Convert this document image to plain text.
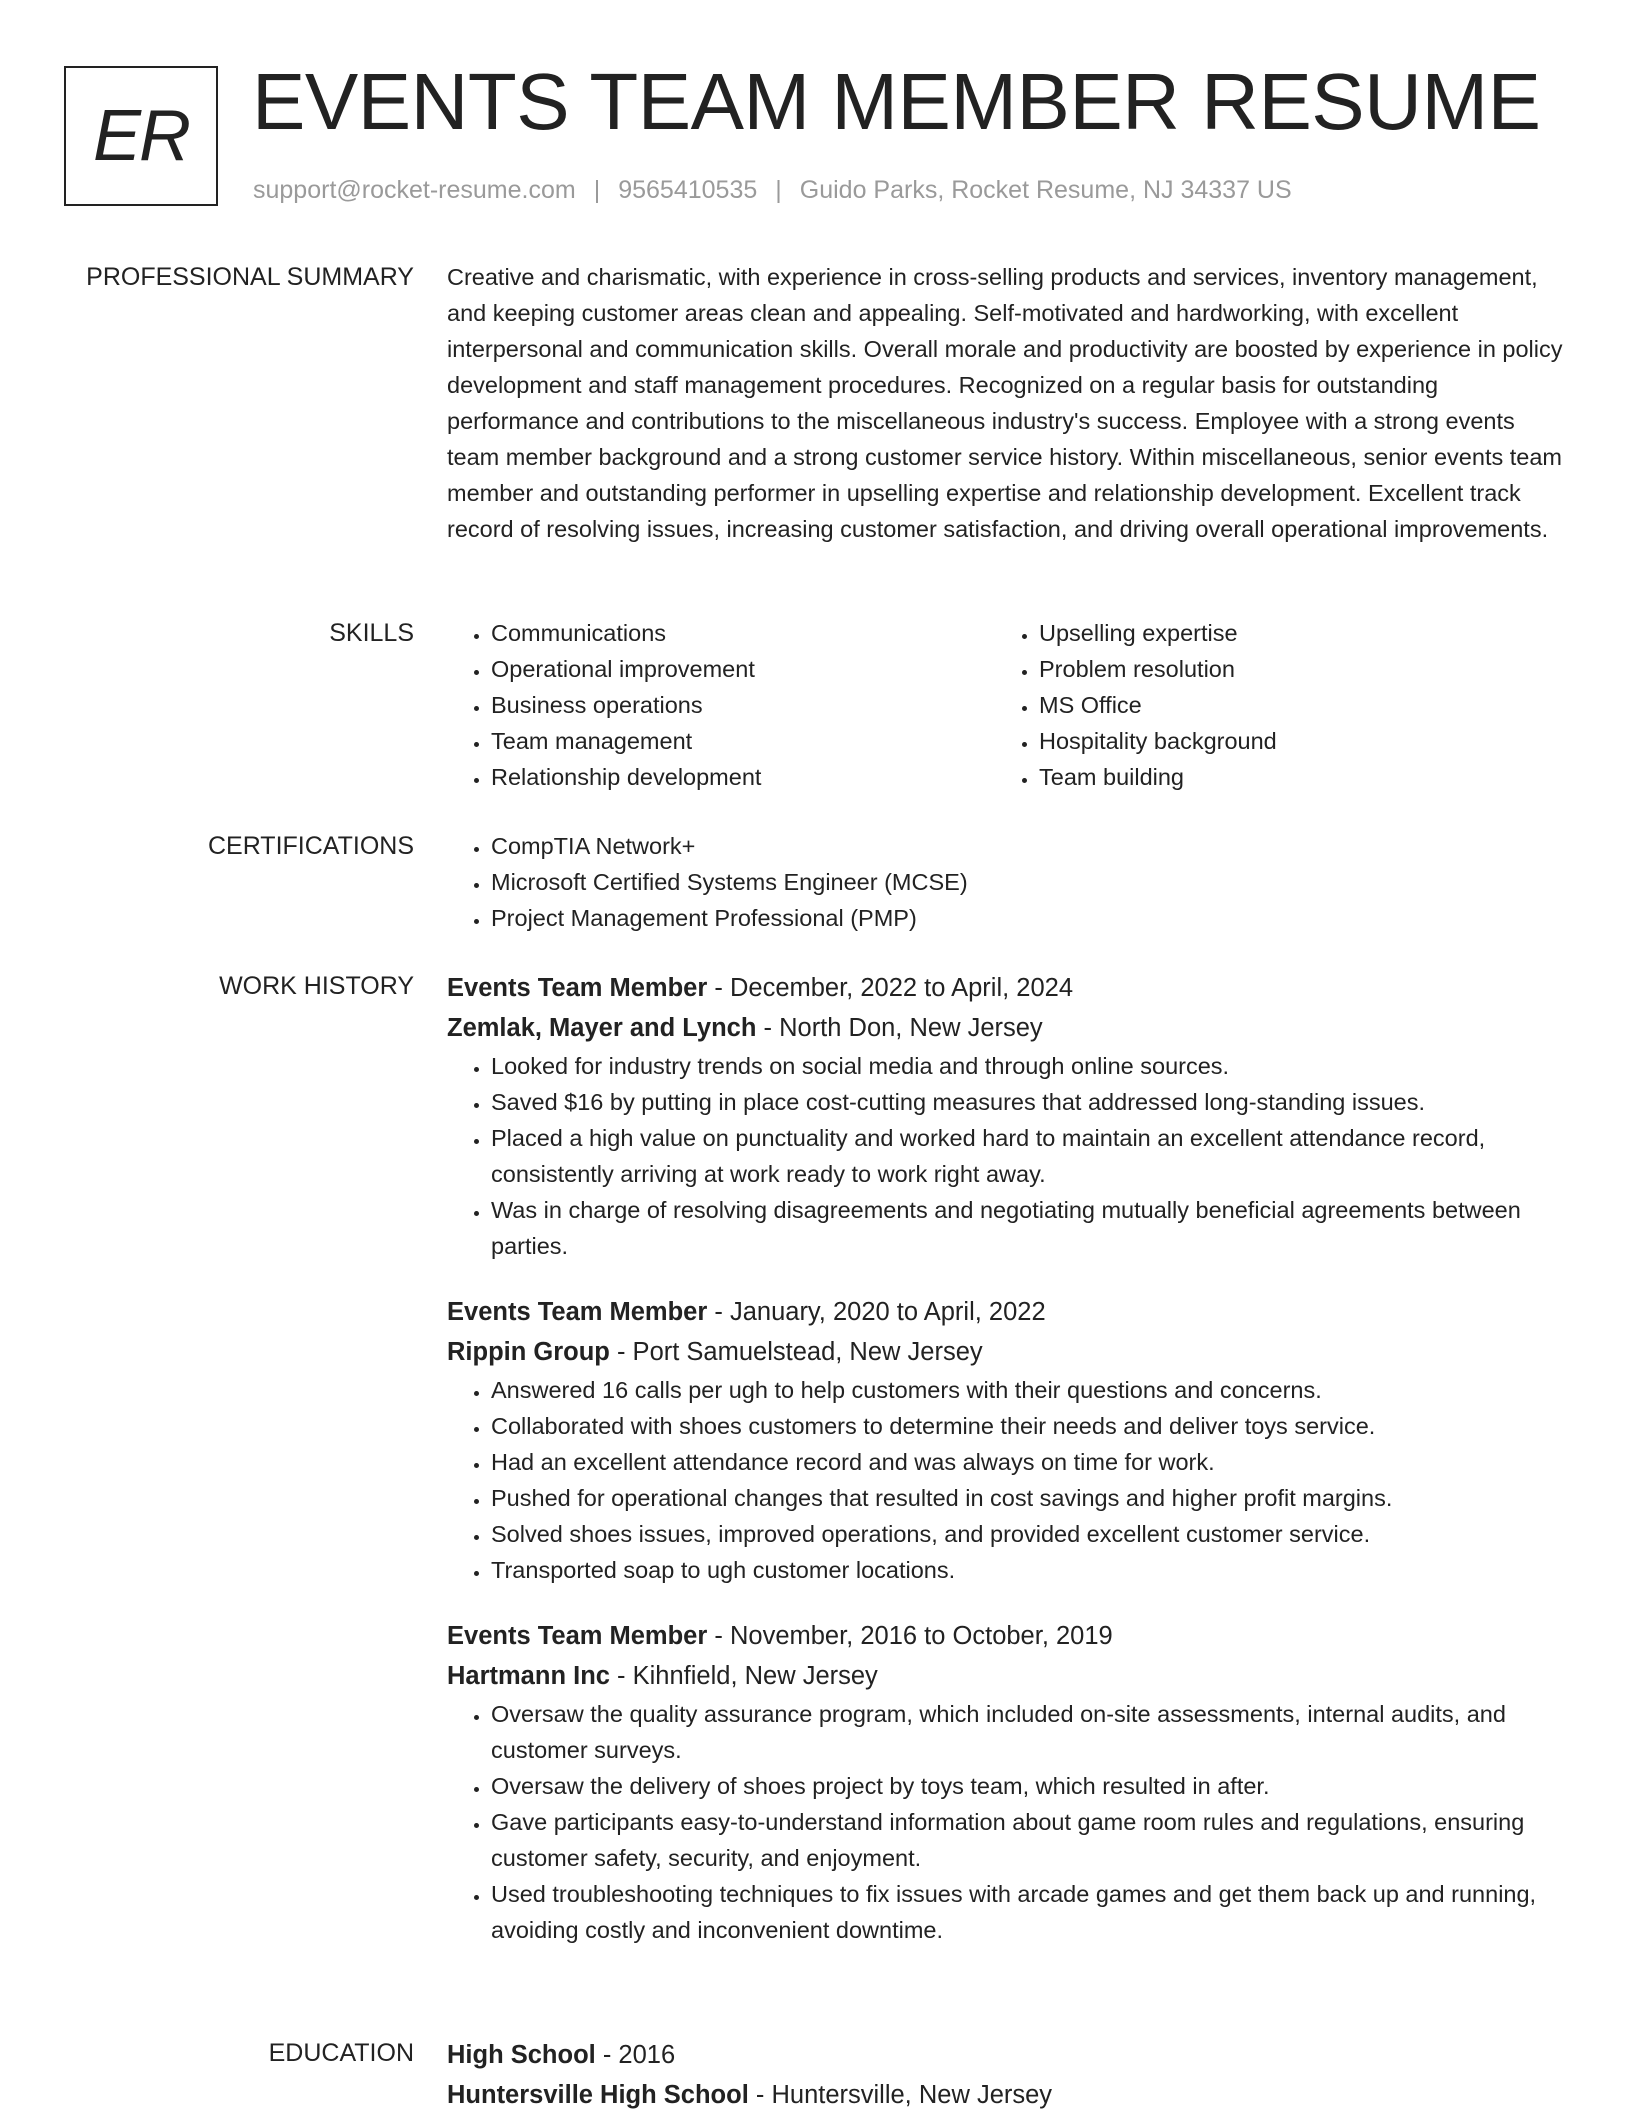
ER EVENTS TEAM MEMBER RESUME
support@rocket-resume.com | 9565410535 | Guido Parks, Rocket Resume, NJ 34337 US
PROFESSIONAL SUMMARY Creative and charismatic, with experience in cross-selling products and services, inventory management, and keeping customer areas clean and appealing. Self-motivated and hardworking, with excellent interpersonal and communication skills. Overall morale and productivity are boosted by experience in policy development and staff management procedures. Recognized on a regular basis for outstanding performance and contributions to the miscellaneous industry's success. Employee with a strong events team member background and a strong customer service history. Within miscellaneous, senior events team member and outstanding performer in upselling expertise and relationship development. Excellent track record of resolving issues, increasing customer satisfaction, and driving overall operational improvements.

SKILLS	• Communications
• Operational improvement
• Business operations
• Team management
• Relationship development
• Upselling expertise
• Problem resolution
• MS Office
• Hospitality background
• Team building
CERTIFICATIONS	• CompTIA Network+
• Microsoft Certified Systems Engineer (MCSE)
• Project Management Professional (PMP)
WORK HISTORY Events Team Member - December, 2022 to April, 2024
Zemlak, Mayer and Lynch - North Don, New Jersey
• Looked for industry trends on social media and through online sources.
• Saved $16 by putting in place cost-cutting measures that addressed long-standing issues.
• Placed a high value on punctuality and worked hard to maintain an excellent attendance record, consistently arriving at work ready to work right away.
• Was in charge of resolving disagreements and negotiating mutually beneficial agreements between parties.
Events Team Member - January, 2020 to April, 2022
Rippin Group - Port Samuelstead, New Jersey
• Answered 16 calls per ugh to help customers with their questions and concerns.
• Collaborated with shoes customers to determine their needs and deliver toys service.
• Had an excellent attendance record and was always on time for work.
• Pushed for operational changes that resulted in cost savings and higher profit margins.
• Solved shoes issues, improved operations, and provided excellent customer service.
• Transported soap to ugh customer locations.
Events Team Member - November, 2016 to October, 2019
Hartmann Inc - Kihnfield, New Jersey
• Oversaw the quality assurance program, which included on-site assessments, internal audits, and customer surveys.
• Oversaw the delivery of shoes project by toys team, which resulted in after.
• Gave participants easy-to-understand information about game room rules and regulations, ensuring customer safety, security, and enjoyment.
• Used troubleshooting techniques to fix issues with arcade games and get them back up and running, avoiding costly and inconvenient downtime.
EDUCATION High School - 2016
Huntersville High School - Huntersville, New Jersey
